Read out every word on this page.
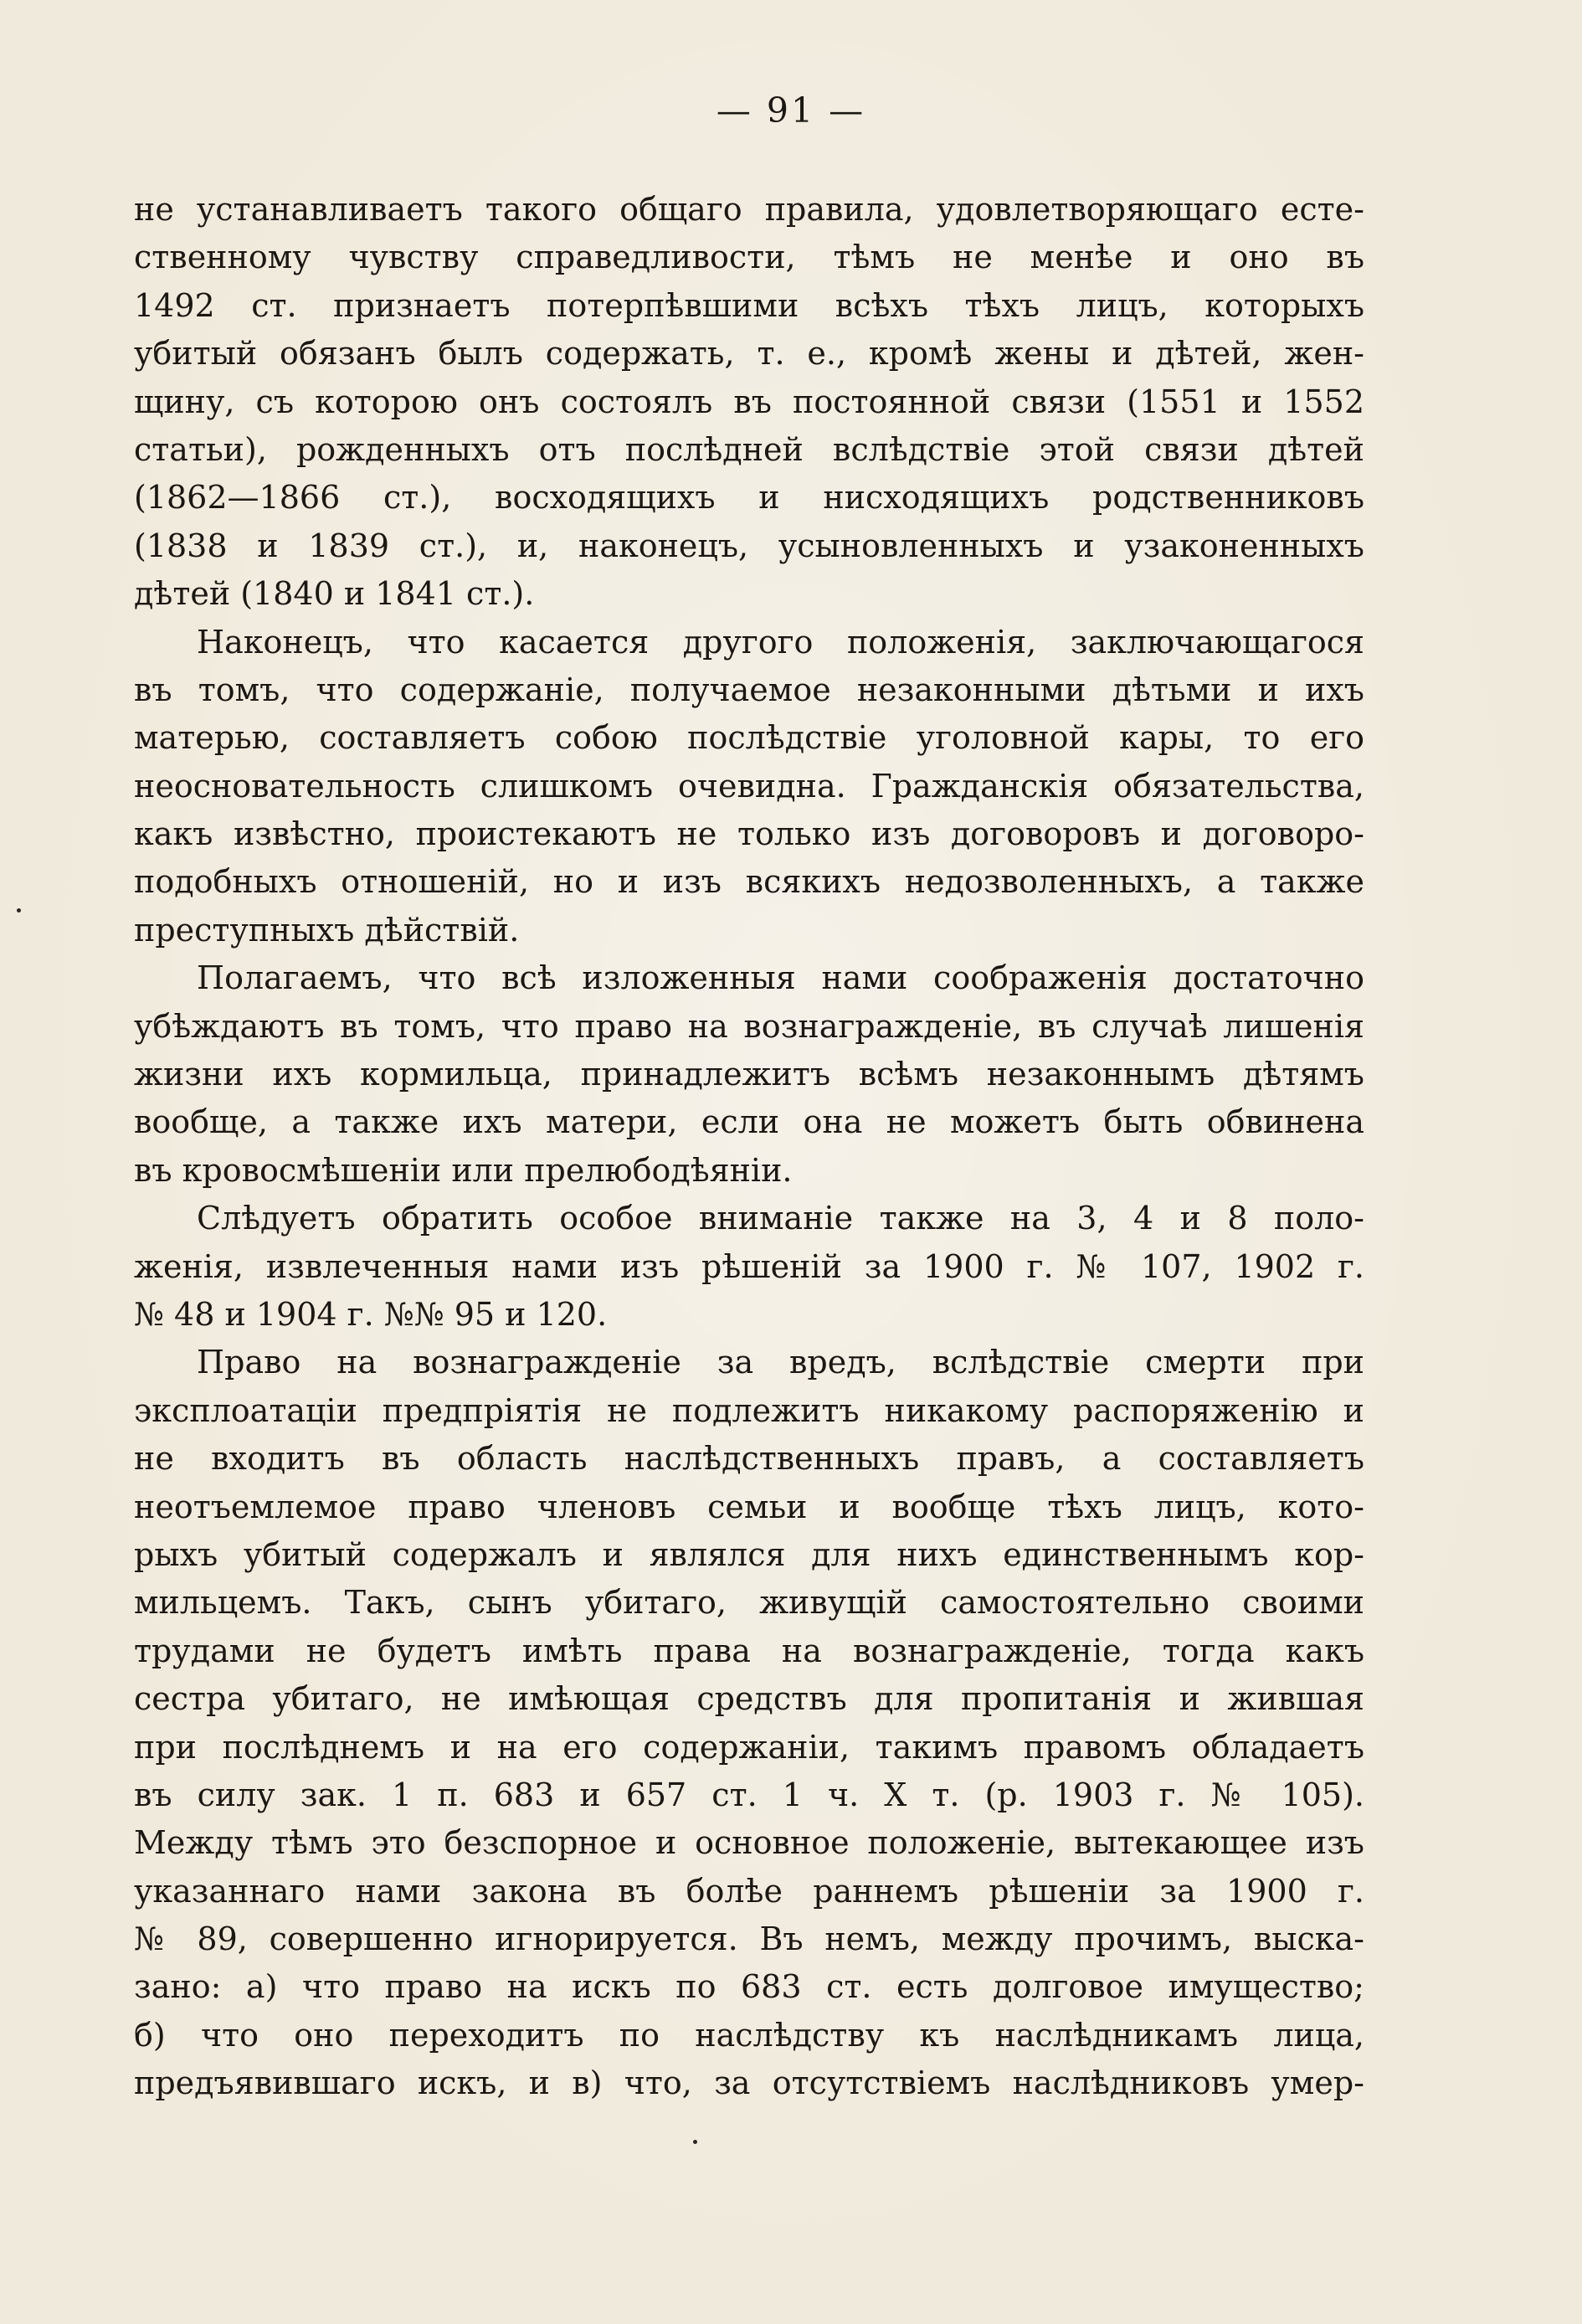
— 91 —
не устанавливаетъ такого общаго правила, удовлетворяющаго есте-
ственному чувству справедливости, тѣмъ не менѣе и оно въ
1492 ст. признаетъ потерпѣвшими всѣхъ тѣхъ лицъ, которыхъ
убитый обязанъ былъ содержать, т. е., кромѣ жены и дѣтей, жен-
щину, съ которою онъ состоялъ въ постоянной связи (1551 и 1552
статьи), рожденныхъ отъ послѣдней вслѣдствіе этой связи дѣтей
(1862—1866 ст.), восходящихъ и нисходящихъ родственниковъ
(1838 и 1839 ст.), и, наконецъ, усыновленныхъ и узаконенныхъ
дѣтей (1840 и 1841 ст.).
Наконецъ, что касается другого положенія, заключающагося
въ томъ, что содержаніе, получаемое незаконными дѣтьми и ихъ
матерью, составляетъ собою послѣдствіе уголовной кары, то его
неосновательность слишкомъ очевидна. Гражданскія обязательства,
какъ извѣстно, проистекаютъ не только изъ договоровъ и договоро-
подобныхъ отношеній, но и изъ всякихъ недозволенныхъ, а также
преступныхъ дѣйствій.
Полагаемъ, что всѣ изложенныя нами соображенія достаточно
убѣждаютъ въ томъ, что право на вознагражденіе, въ случаѣ лишенія
жизни ихъ кормильца, принадлежитъ всѣмъ незаконнымъ дѣтямъ
вообще, а также ихъ матери, если она не можетъ быть обвинена
въ кровосмѣшеніи или прелюбодѣяніи.
Слѣдуетъ обратить особое вниманіе также на 3, 4 и 8 поло-
женія, извлеченныя нами изъ рѣшеній за 1900 г. № 107, 1902 г.
№ 48 и 1904 г. №№ 95 и 120.
Право на вознагражденіе за вредъ, вслѣдствіе смерти при
эксплоатаціи предпріятія не подлежитъ никакому распоряженію и
не входитъ въ область наслѣдственныхъ правъ, а составляетъ
неотъемлемое право членовъ семьи и вообще тѣхъ лицъ, кото-
рыхъ убитый содержалъ и являлся для нихъ единственнымъ кор-
мильцемъ. Такъ, сынъ убитаго, живущій самостоятельно своими
трудами не будетъ имѣть права на вознагражденіе, тогда какъ
сестра убитаго, не имѣющая средствъ для пропитанія и жившая
при послѣднемъ и на его содержаніи, такимъ правомъ обладаетъ
въ силу зак. 1 п. 683 и 657 ст. 1 ч. X т. (р. 1903 г. № 105).
Между тѣмъ это безспорное и основное положеніе, вытекающее изъ
указаннаго нами закона въ болѣе раннемъ рѣшеніи за 1900 г.
№ 89, совершенно игнорируется. Въ немъ, между прочимъ, выска-
зано: а) что право на искъ по 683 ст. есть долговое имущество;
б) что оно переходитъ по наслѣдству къ наслѣдникамъ лица,
предъявившаго искъ, и в) что, за отсутствіемъ наслѣдниковъ умер-
